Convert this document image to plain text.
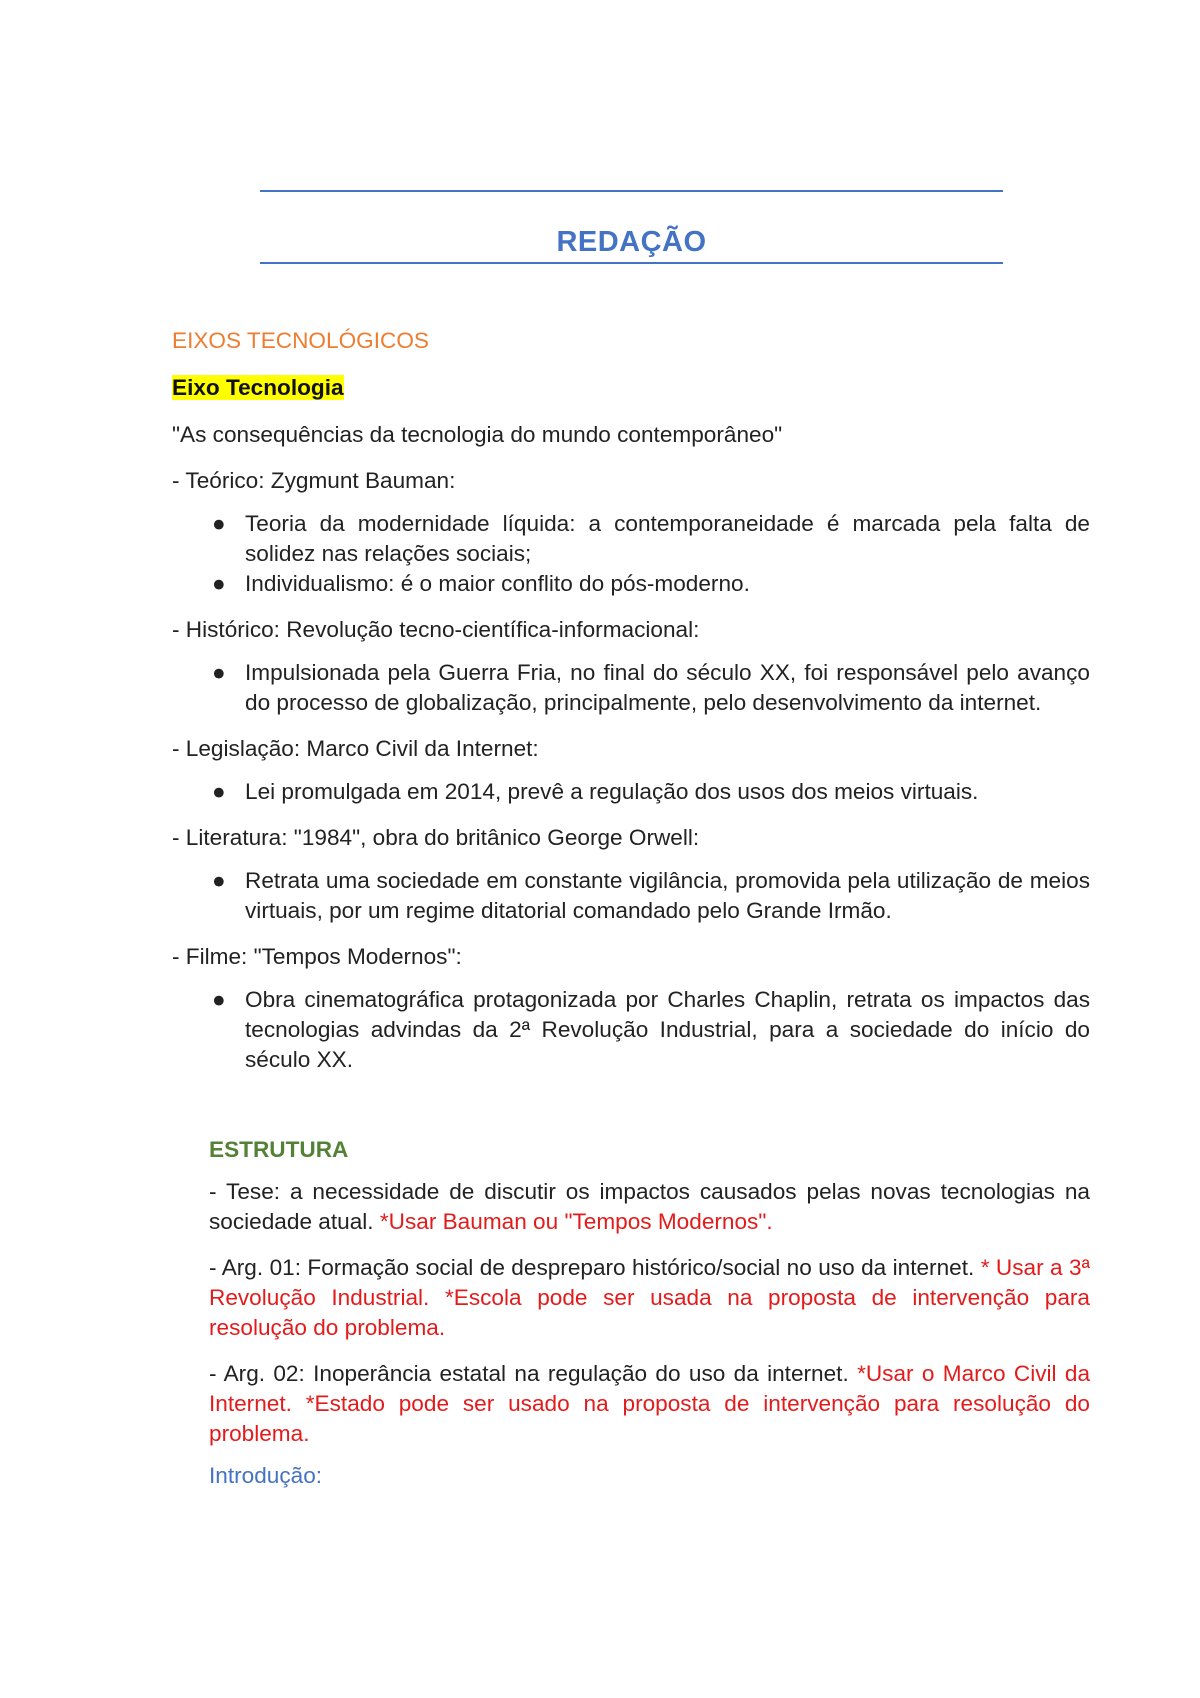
REDAÇÃO
EIXOS TECNOLÓGICOS

Eixo Tecnologia

"As consequências da tecnologia do mundo contemporâneo"

- Teórico: Zygmunt Bauman:

● Teoria da modernidade líquida: a contemporaneidade é marcada pela falta de solidez nas relações sociais;
● Individualismo: é o maior conflito do pós-moderno.

- Histórico: Revolução tecno-científica-informacional:

● Impulsionada pela Guerra Fria, no final do século XX, foi responsável pelo avanço do processo de globalização, principalmente, pelo desenvolvimento da internet.

- Legislação: Marco Civil da Internet:

● Lei promulgada em 2014, prevê a regulação dos usos dos meios virtuais.

- Literatura: "1984", obra do britânico George Orwell:

● Retrata uma sociedade em constante vigilância, promovida pela utilização de meios virtuais, por um regime ditatorial comandado pelo Grande Irmão.

- Filme: "Tempos Modernos":

● Obra cinematográfica protagonizada por Charles Chaplin, retrata os impactos das tecnologias advindas da 2ª Revolução Industrial, para a sociedade do início do século XX.
ESTRUTURA

- Tese: a necessidade de discutir os impactos causados pelas novas tecnologias na sociedade atual. *Usar Bauman ou "Tempos Modernos".

- Arg. 01: Formação social de despreparo histórico/social no uso da internet. * Usar a 3ª Revolução Industrial. *Escola pode ser usada na proposta de intervenção para resolução do problema.

- Arg. 02: Inoperância estatal na regulação do uso da internet. *Usar o Marco Civil da Internet. *Estado pode ser usado na proposta de intervenção para resolução do problema.

Introdução:
